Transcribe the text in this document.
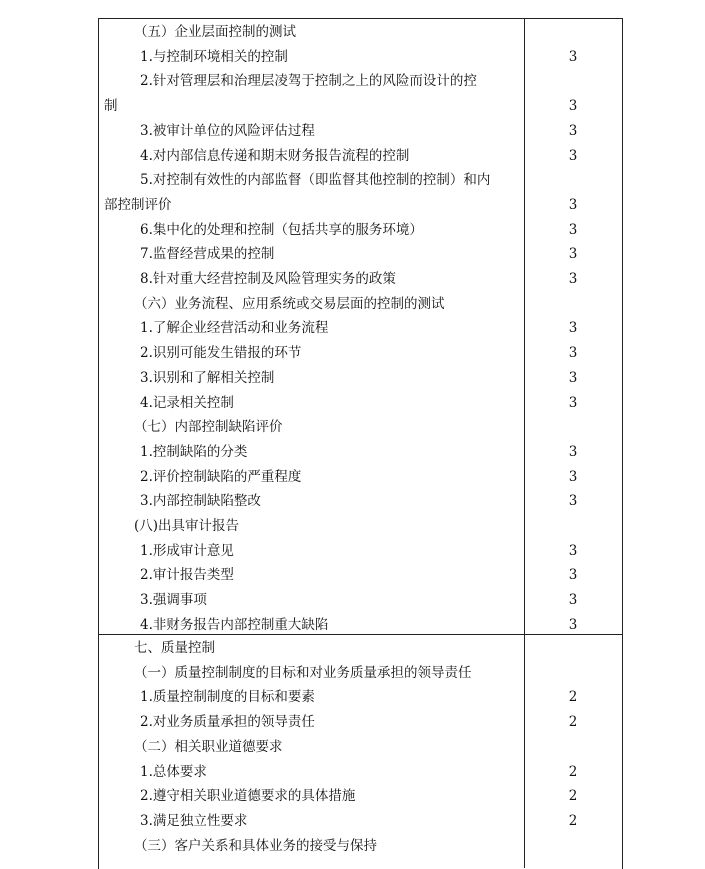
（五）企业层面控制的测试
1.与控制环境相关的控制	3
2.针对管理层和治理层凌驾于控制之上的风险而设计的控
制	3
3.被审计单位的风险评估过程	3
4.对内部信息传递和期末财务报告流程的控制	3
5.对控制有效性的内部监督（即监督其他控制的控制）和内
部控制评价	3
6.集中化的处理和控制（包括共享的服务环境）	3
7.监督经营成果的控制	3
8.针对重大经营控制及风险管理实务的政策	3
（六）业务流程、应用系统或交易层面的控制的测试
1.了解企业经营活动和业务流程	3
2.识别可能发生错报的环节	3
3.识别和了解相关控制	3
4.记录相关控制	3
（七）内部控制缺陷评价
1.控制缺陷的分类	3
2.评价控制缺陷的严重程度	3
3.内部控制缺陷整改	3
(八)出具审计报告
1.形成审计意见	3
2.审计报告类型	3
3.强调事项	3
4.非财务报告内部控制重大缺陷	3
七、质量控制
（一）质量控制制度的目标和对业务质量承担的领导责任
1.质量控制制度的目标和要素	2
2.对业务质量承担的领导责任	2
（二）相关职业道德要求
1.总体要求	2
2.遵守相关职业道德要求的具体措施	2
3.满足独立性要求	2
（三）客户关系和具体业务的接受与保持
